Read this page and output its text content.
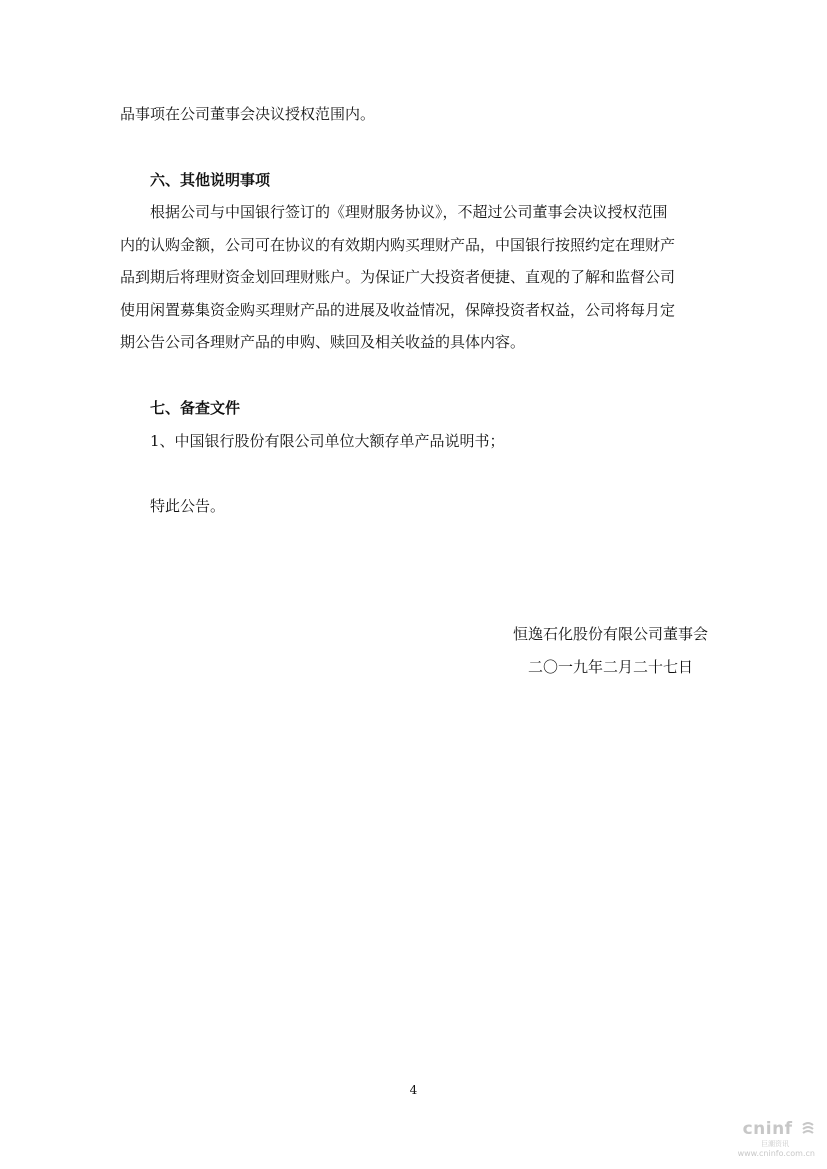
品事项在公司董事会决议授权范围内。
六、其他说明事项
根据公司与中国银行签订的《理财服务协议》，不超过公司董事会决议授权范围
内的认购金额，公司可在协议的有效期内购买理财产品，中国银行按照约定在理财产
品到期后将理财资金划回理财账户。为保证广大投资者便捷、直观的了解和监督公司
使用闲置募集资金购买理财产品的进展及收益情况，保障投资者权益，公司将每月定
期公告公司各理财产品的申购、赎回及相关收益的具体内容。
七、备查文件
1、中国银行股份有限公司单位大额存单产品说明书；
特此公告。
恒逸石化股份有限公司董事会
二〇一九年二月二十七日
4
cninf
巨潮资讯
www.cninfo.com.cn
